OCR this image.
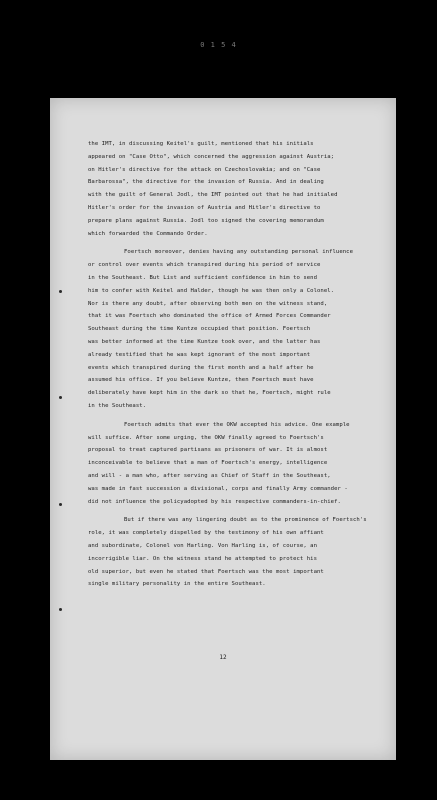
0 1 5 4
the IMT, in discussing Keitel's guilt, mentioned that his initials
appeared on "Case Otto", which concerned the aggression against Austria;
on Hitler's directive for the attack on Czechoslovakia; and on "Case
Barbarossa", the directive for the invasion of Russia. And in dealing
with the guilt of General Jodl, the IMT pointed out that he had initialed
Hitler's order for the invasion of Austria and Hitler's directive to
prepare plans against Russia. Jodl too signed the covering memorandum
which forwarded the Commando Order.
Foertsch moreover, denies having any outstanding personal influence
or control over events which transpired during his period of service
in the Southeast. But List and sufficient confidence in him to send
him to confer with Keitel and Halder, though he was then only a Colonel.
Nor is there any doubt, after observing both men on the witness stand,
that it was Foertsch who dominated the office of Armed Forces Commander
Southeast during the time Kuntze occupied that position. Foertsch
was better informed at the time Kuntze took over, and the latter has
already testified that he was kept ignorant of the most important
events which transpired during the first month and a half after he
assumed his office. If you believe Kuntze, then Foertsch must have
deliberately have kept him in the dark so that he, Foertsch, might rule
in the Southeast.
Foertsch admits that ever the OKW accepted his advice. One example
will suffice. After some urging, the OKW finally agreed to Foertsch's
proposal to treat captured partisans as prisoners of war. It is almost
inconceivable to believe that a man of Foertsch's energy, intelligence
and will - a man who, after serving as Chief of Staff in the Southeast,
was made in fast succession a divisional, corps and finally Army commander -
did not influence the policyadopted by his respective commanders-in-chief.
But if there was any lingering doubt as to the prominence of Foertsch's
role, it was completely dispelled by the testimony of his own affiant
and subordinate, Colonel von Harling. Von Harling is, of course, an
incorrigible liar. On the witness stand he attempted to protect his
old superior, but even he stated that Foertsch was the most important
single military personality in the entire Southeast.
12
